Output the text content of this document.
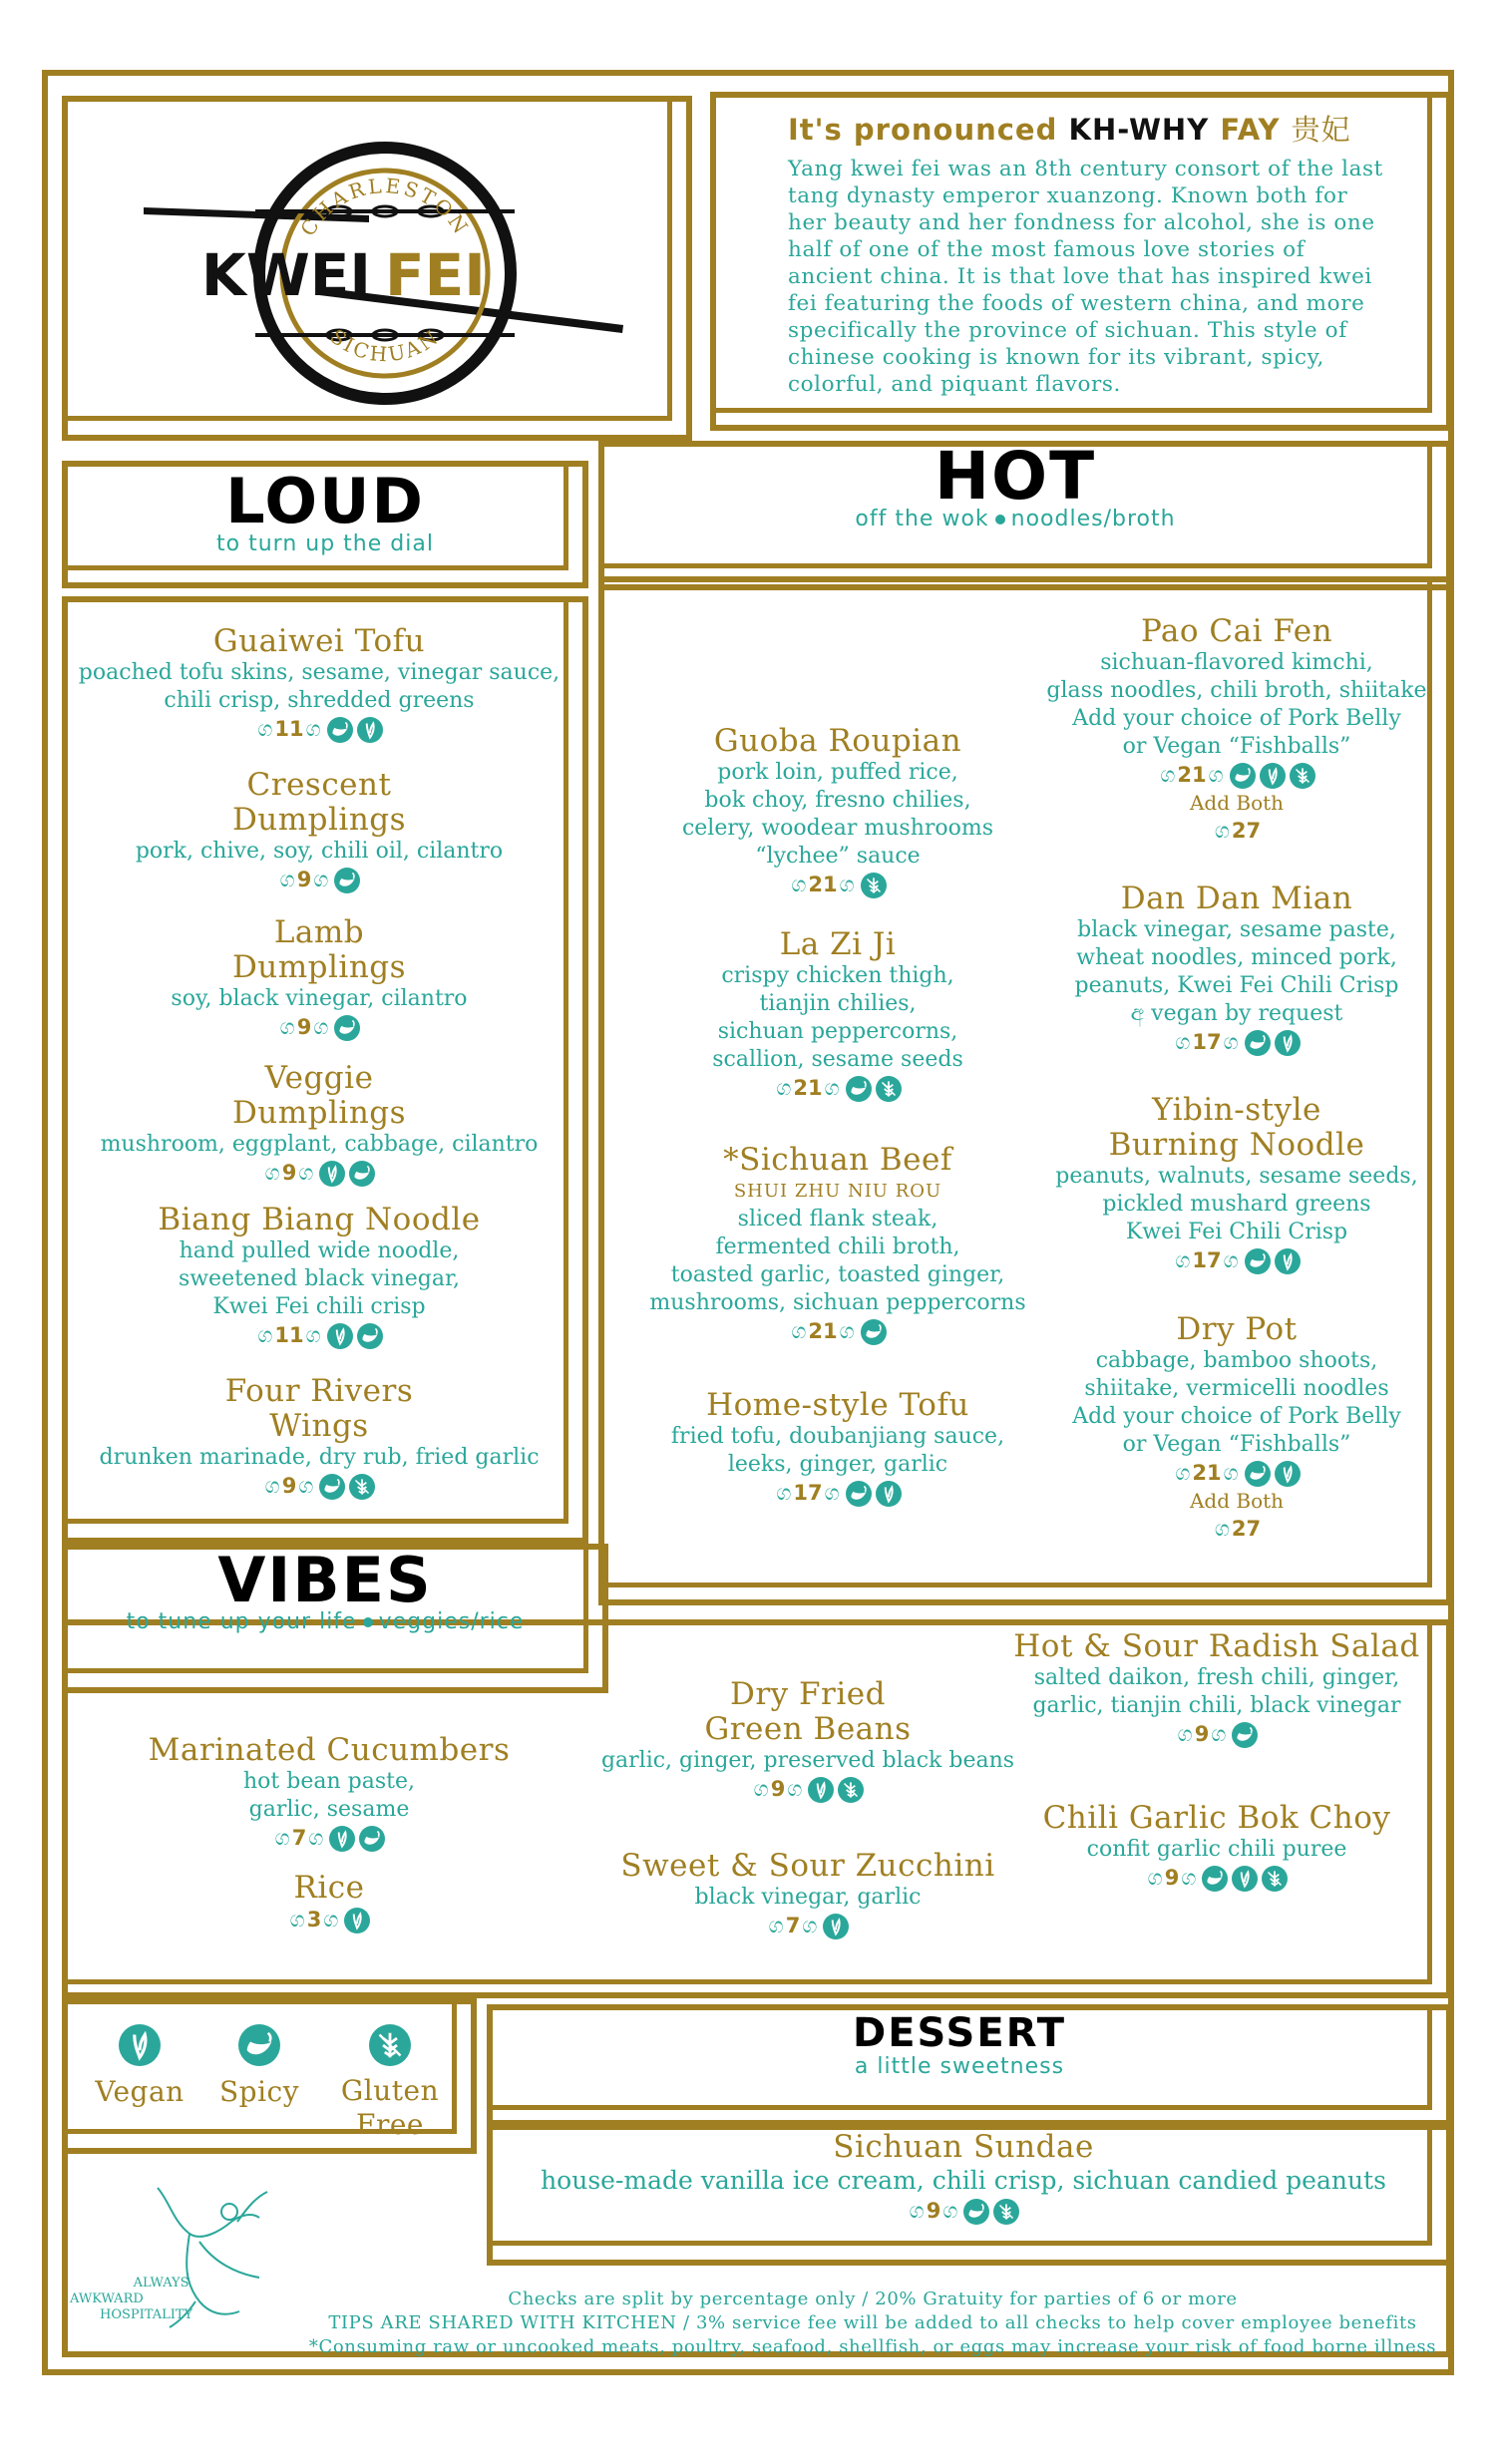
CHARLESTON
SICHUAN
KWEI FEI
It's pronounced KH-WHY FAY 贵妃
Yang kwei fei was an 8th century consort of the last tang dynasty emperor xuanzong. Known both for her beauty and her fondness for alcohol, she is one half of one of the most famous love stories of ancient china. It is that love that has inspired kwei fei featuring the foods of western china, and more specifically the province of sichuan. This style of chinese cooking is known for its vibrant, spicy, colorful, and piquant flavors.
LOUD
to turn up the dial
HOT
off the wok noodles/broth
VIBES
to tune up your life veggies/rice
DESSERT
a little sweetness
Guaiwei Tofu
poached tofu skins, sesame, vinegar sauce,
chili crisp, shredded greens
ග11ග
Crescent
Dumplings
pork, chive, soy, chili oil, cilantro
ග9ග
Lamb
Dumplings
soy, black vinegar, cilantro
ග9ග
Veggie
Dumplings
mushroom, eggplant, cabbage, cilantro
ග9ග
Biang Biang Noodle
hand pulled wide noodle,
sweetened black vinegar,
Kwei Fei chili crisp
ග11ග
Four Rivers
Wings
drunken marinade, dry rub, fried garlic
ග9ග
Guoba Roupian
pork loin, puffed rice,
bok choy, fresno chilies,
celery, woodear mushrooms
“lychee” sauce
ග21ග
La Zi Ji
crispy chicken thigh,
tianjin chilies,
sichuan peppercorns,
scallion, sesame seeds
ග21ග
*Sichuan Beef
SHUI ZHU NIU ROU
sliced flank steak,
fermented chili broth,
toasted garlic, toasted ginger,
mushrooms, sichuan peppercorns
ග21ග
Home-style Tofu
fried tofu, doubanjiang sauce,
leeks, ginger, garlic
ග17ග
Pao Cai Fen
sichuan-flavored kimchi,
glass noodles, chili broth, shiitake
Add your choice of Pork Belly
or Vegan “Fishballs”
ග21ග
Add Both
ග27
Dan Dan Mian
black vinegar, sesame paste,
wheat noodles, minced pork,
peanuts, Kwei Fei Chili Crisp
අ vegan by request
ග17ග
Yibin-style
Burning Noodle
peanuts, walnuts, sesame seeds,
pickled mushard greens
Kwei Fei Chili Crisp
ග17ග
Dry Pot
cabbage, bamboo shoots,
shiitake, vermicelli noodles
Add your choice of Pork Belly
or Vegan “Fishballs”
ග21ග
Add Both
ග27
Marinated Cucumbers
hot bean paste,
garlic, sesame
ග7ග
Rice
ග3ග
Dry Fried
Green Beans
garlic, ginger, preserved black beans
ග9ග
Sweet & Sour Zucchini
black vinegar, garlic
ග7ග
Hot & Sour Radish Salad
salted daikon, fresh chili, ginger,
garlic, tianjin chili, black vinegar
ග9ග
Chili Garlic Bok Choy
confit garlic chili puree
ග9ග
Sichuan Sundae
house-made vanilla ice cream, chili crisp, sichuan candied peanuts
ග9ග
Vegan	Spicy	Gluten
Free
ALWAYS
AWKWARD
HOSPITALITY
Checks are split by percentage only / 20% Gratuity for parties of 6 or more
TIPS ARE SHARED WITH KITCHEN / 3% service fee will be added to all checks to help cover employee benefits
*Consuming raw or uncooked meats, poultry, seafood, shellfish, or eggs may increase your risk of food borne illness
